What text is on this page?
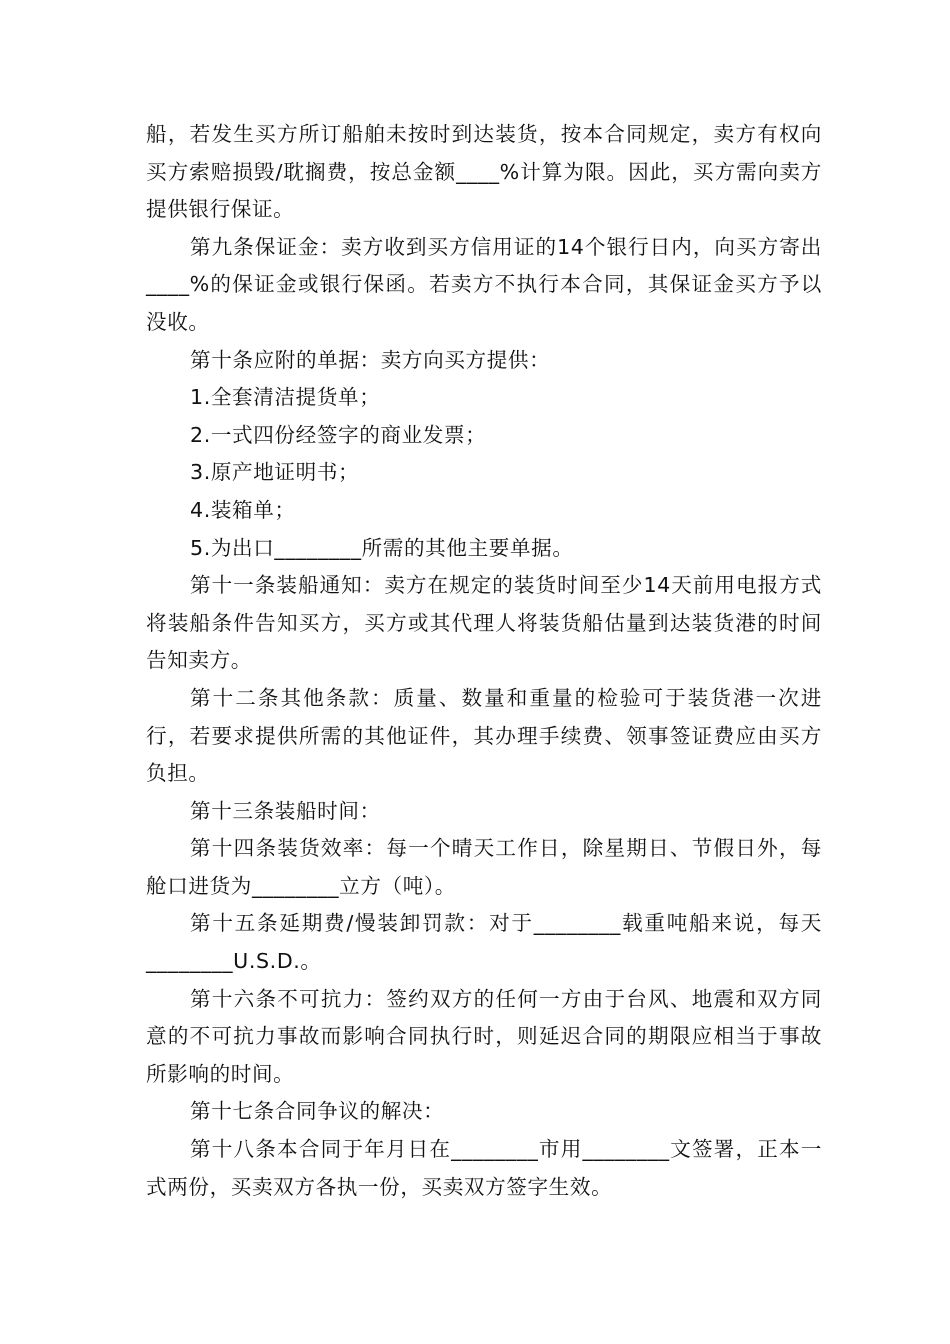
船，若发生买方所订船舶未按时到达装货，按本合同规定，卖方有权向买方索赔损毁/耽搁费，按总金额____%计算为限。因此，买方需向卖方提供银行保证。

第九条保证金：卖方收到买方信用证的14个银行日内，向买方寄出____%的保证金或银行保函。若卖方不执行本合同，其保证金买方予以没收。

第十条应附的单据：卖方向买方提供：

1.全套清洁提货单；

2.一式四份经签字的商业发票；

3.原产地证明书；

4.装箱单；

5.为出口________所需的其他主要单据。

第十一条装船通知：卖方在规定的装货时间至少14天前用电报方式将装船条件告知买方，买方或其代理人将装货船估量到达装货港的时间告知卖方。

第十二条其他条款：质量、数量和重量的检验可于装货港一次进行，若要求提供所需的其他证件，其办理手续费、领事签证费应由买方负担。

第十三条装船时间：

第十四条装货效率：每一个晴天工作日，除星期日、节假日外，每舱口进货为________立方（吨）。

第十五条延期费/慢装卸罚款：对于________载重吨船来说，每天________U.S.D.。

第十六条不可抗力：签约双方的任何一方由于台风、地震和双方同意的不可抗力事故而影响合同执行时，则延迟合同的期限应相当于事故所影响的时间。

第十七条合同争议的解决：

第十八条本合同于年月日在________市用________文签署，正本一式两份，买卖双方各执一份，买卖双方签字生效。
